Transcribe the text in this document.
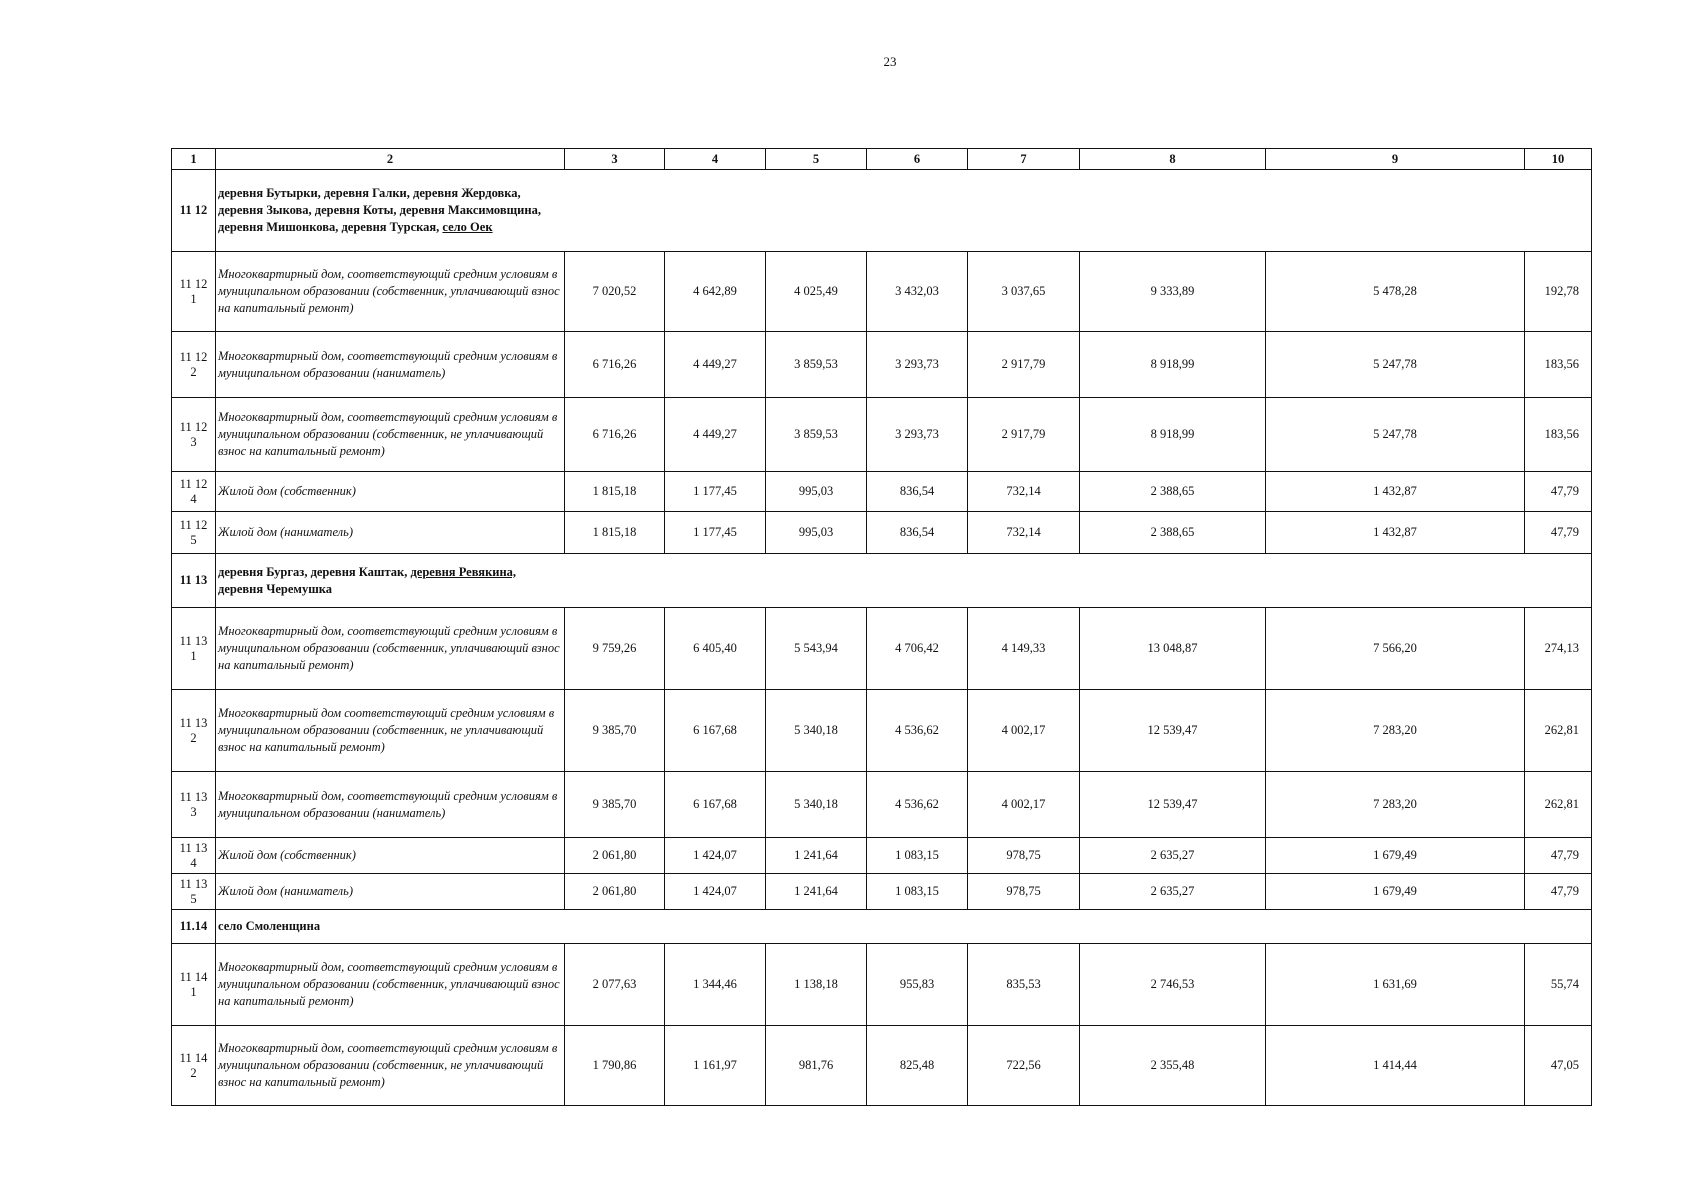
23
1	2	3	4	5	6	7	8	9	10
11 12	деревня Бутырки, деревня Галки, деревня Жердовка, деревня Зыкова, деревня Коты, деревня Максимовщина, деревня Мишонкова, деревня Турская, село Оек								

11 12 1	Многоквартирный дом, соответствующий средним условиям в муниципальном образовании (собственник, уплачивающий взнос на капитальный ремонт)	7 020,52	4 642,89	4 025,49	3 432,03	3 037,65	9 333,89	5 478,28	192,78
11 12 2	Многоквартирный дом, соответствующий средним условиям в муниципальном образовании (наниматель)	6 716,26	4 449,27	3 859,53	3 293,73	2 917,79	8 918,99	5 247,78	183,56
11 12 3	Многоквартирный дом, соответствующий средним условиям в муниципальном образовании (собственник, не уплачивающий взнос на капитальный ремонт)	6 716,26	4 449,27	3 859,53	3 293,73	2 917,79	8 918,99	5 247,78	183,56
11 12 4	Жилой дом (собственник)	1 815,18	1 177,45	995,03	836,54	732,14	2 388,65	1 432,87	47,79
11 12 5	Жилой дом (наниматель)	1 815,18	1 177,45	995,03	836,54	732,14	2 388,65	1 432,87	47,79
11 13	деревня Бургаз, деревня Каштак, деревня Ревякина, деревня Черемушка								

11 13 1	Многоквартирный дом, соответствующий средним условиям в муниципальном образовании (собственник, уплачивающий взнос на капитальный ремонт)	9 759,26	6 405,40	5 543,94	4 706,42	4 149,33	13 048,87	7 566,20	274,13
11 13 2	Многоквартирный дом соответствующий средним условиям в муниципальном образовании (собственник, не уплачивающий взнос на капитальный ремонт)	9 385,70	6 167,68	5 340,18	4 536,62	4 002,17	12 539,47	7 283,20	262,81
11 13 3	Многоквартирный дом, соответствующий средним условиям в муниципальном образовании (наниматель)	9 385,70	6 167,68	5 340,18	4 536,62	4 002,17	12 539,47	7 283,20	262,81
11 13 4	Жилой дом (собственник)	2 061,80	1 424,07	1 241,64	1 083,15	978,75	2 635,27	1 679,49	47,79
11 13 5	Жилой дом (наниматель)	2 061,80	1 424,07	1 241,64	1 083,15	978,75	2 635,27	1 679,49	47,79
11.14	село Смоленщина								

11 14 1	Многоквартирный дом, соответствующий средним условиям в муниципальном образовании (собственник, уплачивающий взнос на капитальный ремонт)	2 077,63	1 344,46	1 138,18	955,83	835,53	2 746,53	1 631,69	55,74
11 14 2	Многоквартирный дом, соответствующий средним условиям в муниципальном образовании (собственник, не уплачивающий взнос на капитальный ремонт)	1 790,86	1 161,97	981,76	825,48	722,56	2 355,48	1 414,44	47,05
